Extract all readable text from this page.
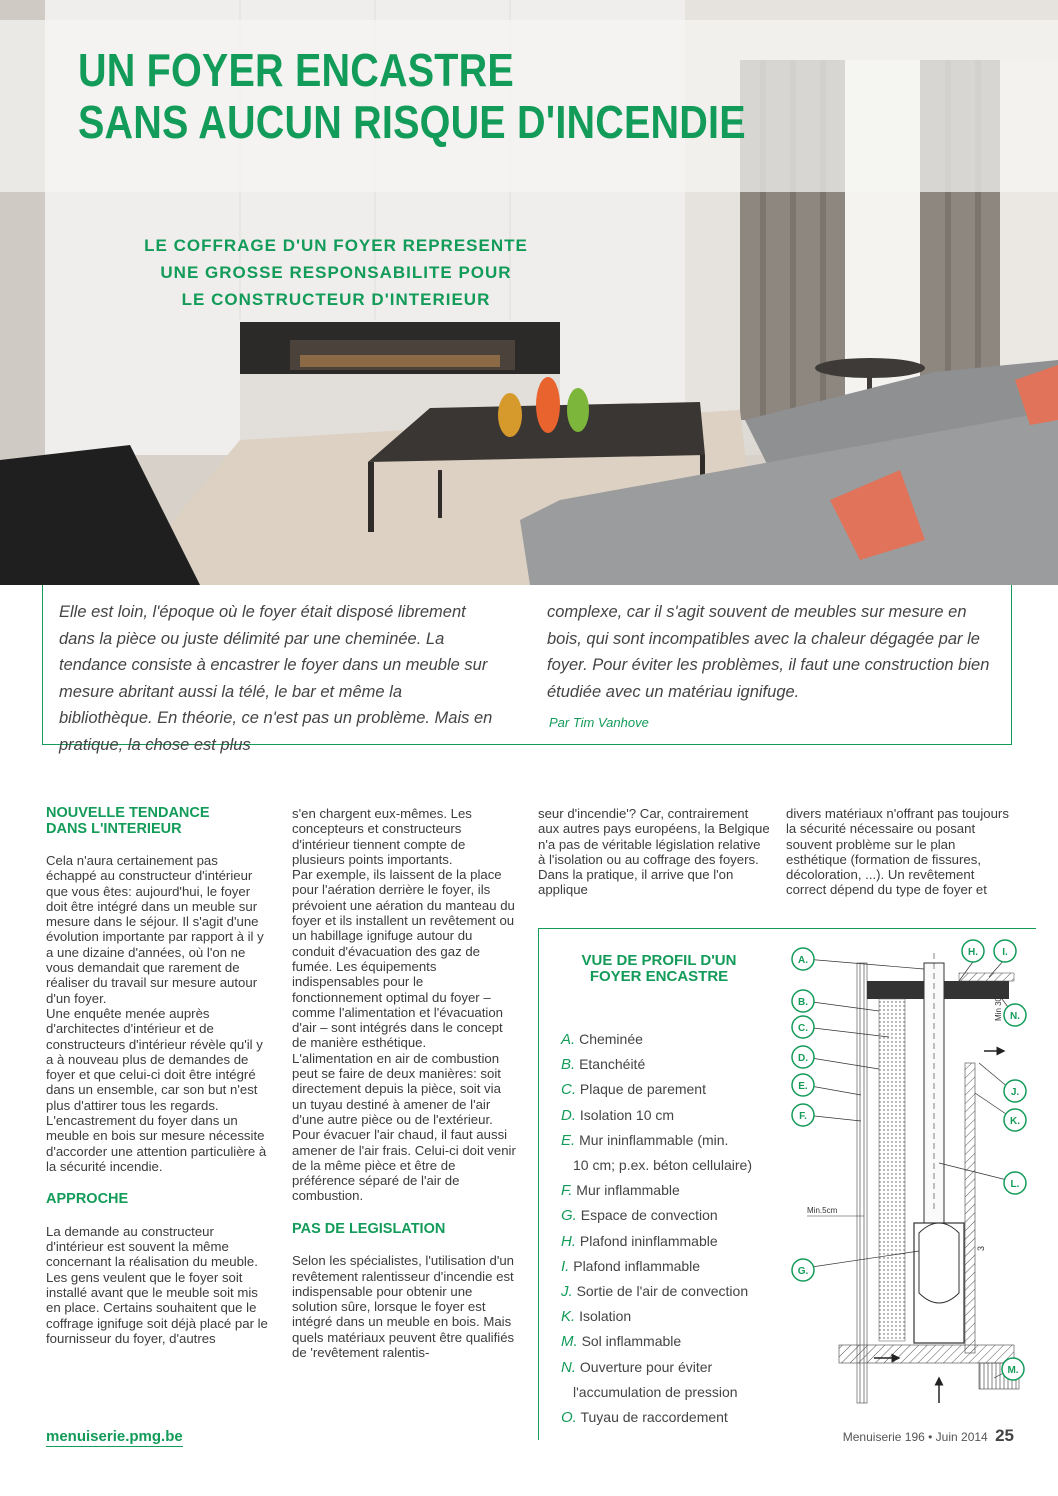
UN FOYER ENCASTRE
SANS AUCUN RISQUE D'INCENDIE
LE COFFRAGE D'UN FOYER REPRESENTE
UNE GROSSE RESPONSABILITE POUR
LE CONSTRUCTEUR D'INTERIEUR

Elle est loin, l'époque où le foyer était disposé librement dans la pièce ou juste délimité par une cheminée. La tendance consiste à encastrer le foyer dans un meuble sur mesure abritant aussi la télé, le bar et même la bibliothèque. En théorie, ce n'est pas un problème. Mais en pratique, la chose est plus

complexe, car il s'agit souvent de meubles sur mesure en bois, qui sont incompatibles avec la chaleur dégagée par le foyer. Pour éviter les problèmes, il faut une construction bien étudiée avec un matériau ignifuge.

Par Tim Vanhove

NOUVELLE TENDANCE DANS L'INTERIEUR

Cela n'aura certainement pas échappé au constructeur d'intérieur que vous êtes: aujourd'hui, le foyer doit être intégré dans un meuble sur mesure dans le séjour. Il s'agit d'une évolution importante par rapport à il y a une dizaine d'années, où l'on ne vous demandait que rarement de réaliser du travail sur mesure autour d'un foyer.

Une enquête menée auprès d'architectes d'intérieur et de constructeurs d'intérieur révèle qu'il y a à nouveau plus de demandes de foyer et que celui-ci doit être intégré dans un ensemble, car son but n'est plus d'attirer tous les regards. L'encastrement du foyer dans un meuble en bois sur mesure nécessite d'accorder une attention particulière à la sécurité incendie.

APPROCHE

La demande au constructeur d'intérieur est souvent la même concernant la réalisation du meuble.

Les gens veulent que le foyer soit installé avant que le meuble soit mis en place. Certains souhaitent que le coffrage ignifuge soit déjà placé par le fournisseur du foyer, d'autres

s'en chargent eux-mêmes. Les concepteurs et constructeurs d'intérieur tiennent compte de plusieurs points importants.

Par exemple, ils laissent de la place pour l'aération derrière le foyer, ils prévoient une aération du manteau du foyer et ils installent un revêtement ou un habillage ignifuge autour du conduit d'évacuation des gaz de fumée. Les équipements indispensables pour le fonctionnement optimal du foyer – comme l'alimentation et l'évacuation d'air – sont intégrés dans le concept de manière esthétique.

L'alimentation en air de combustion peut se faire de deux manières: soit directement depuis la pièce, soit via un tuyau destiné à amener de l'air d'une autre pièce ou de l'extérieur. Pour évacuer l'air chaud, il faut aussi amener de l'air frais. Celui-ci doit venir de la même pièce et être de préférence séparé de l'air de combustion.

PAS DE LEGISLATION

Selon les spécialistes, l'utilisation d'un revêtement ralentisseur d'incendie est indispensable pour obtenir une solution sûre, lorsque le foyer est intégré dans un meuble en bois. Mais quels matériaux peuvent être qualifiés de 'revêtement ralentis-

seur d'incendie'? Car, contrairement aux autres pays européens, la Belgique n'a pas de véritable législation relative à l'isolation ou au coffrage des foyers. Dans la pratique, il arrive que l'on applique

divers matériaux n'offrant pas toujours la sécurité nécessaire ou posant souvent problème sur le plan esthétique (formation de fissures, décoloration, ...). Un revêtement correct dépend du type de foyer et

VUE DE PROFIL D'UN FOYER ENCASTRE
A. Cheminée
B. Etanchéité
C. Plaque de parement
D. Isolation 10 cm
E. Mur ininflammable (min.
10 cm; p.ex. béton cellulaire)
F. Mur inflammable
G. Espace de convection
H. Plafond ininflammable
I. Plafond inflammable
J. Sortie de l'air de convection
K. Isolation
M. Sol inflammable
N. Ouverture pour éviter
l'accumulation de pression
O. Tuyau de raccordement
Min 30 cm
Min.5cm
3
A.
B.
C.
D.
E.
F.
G.
H. I.
N.
J.
K.
L.
M.
menuiserie.pmg.be	Menuiserie 196 • Juin 2014 25
